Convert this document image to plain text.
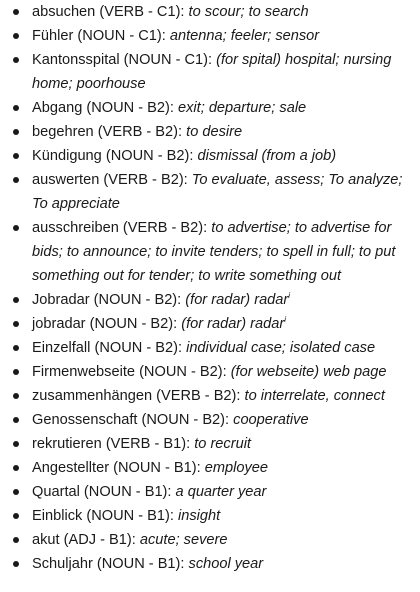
absuchen (VERB - C1): to scour; to search
Fühler (NOUN - C1): antenna; feeler; sensor
Kantonsspital (NOUN - C1): (for spital) hospital; nursing home; poorhouse
Abgang (NOUN - B2): exit; departure; sale
begehren (VERB - B2): to desire
Kündigung (NOUN - B2): dismissal (from a job)
auswerten (VERB - B2): To evaluate, assess; To analyze; To appreciate
ausschreiben (VERB - B2): to advertise; to advertise for bids; to announce; to invite tenders; to spell in full; to put something out for tender; to write something out
Jobradar (NOUN - B2): (for radar) radar$^i$
jobradar (NOUN - B2): (for radar) radar$^i$
Einzelfall (NOUN - B2): individual case; isolated case
Firmenwebseite (NOUN - B2): (for webseite) web page
zusammenhängen (VERB - B2): to interrelate, connect
Genossenschaft (NOUN - B2): cooperative
rekrutieren (VERB - B1): to recruit
Angestellter (NOUN - B1): employee
Quartal (NOUN - B1): a quarter year
Einblick (NOUN - B1): insight
akut (ADJ - B1): acute; severe
Schuljahr (NOUN - B1): school year
